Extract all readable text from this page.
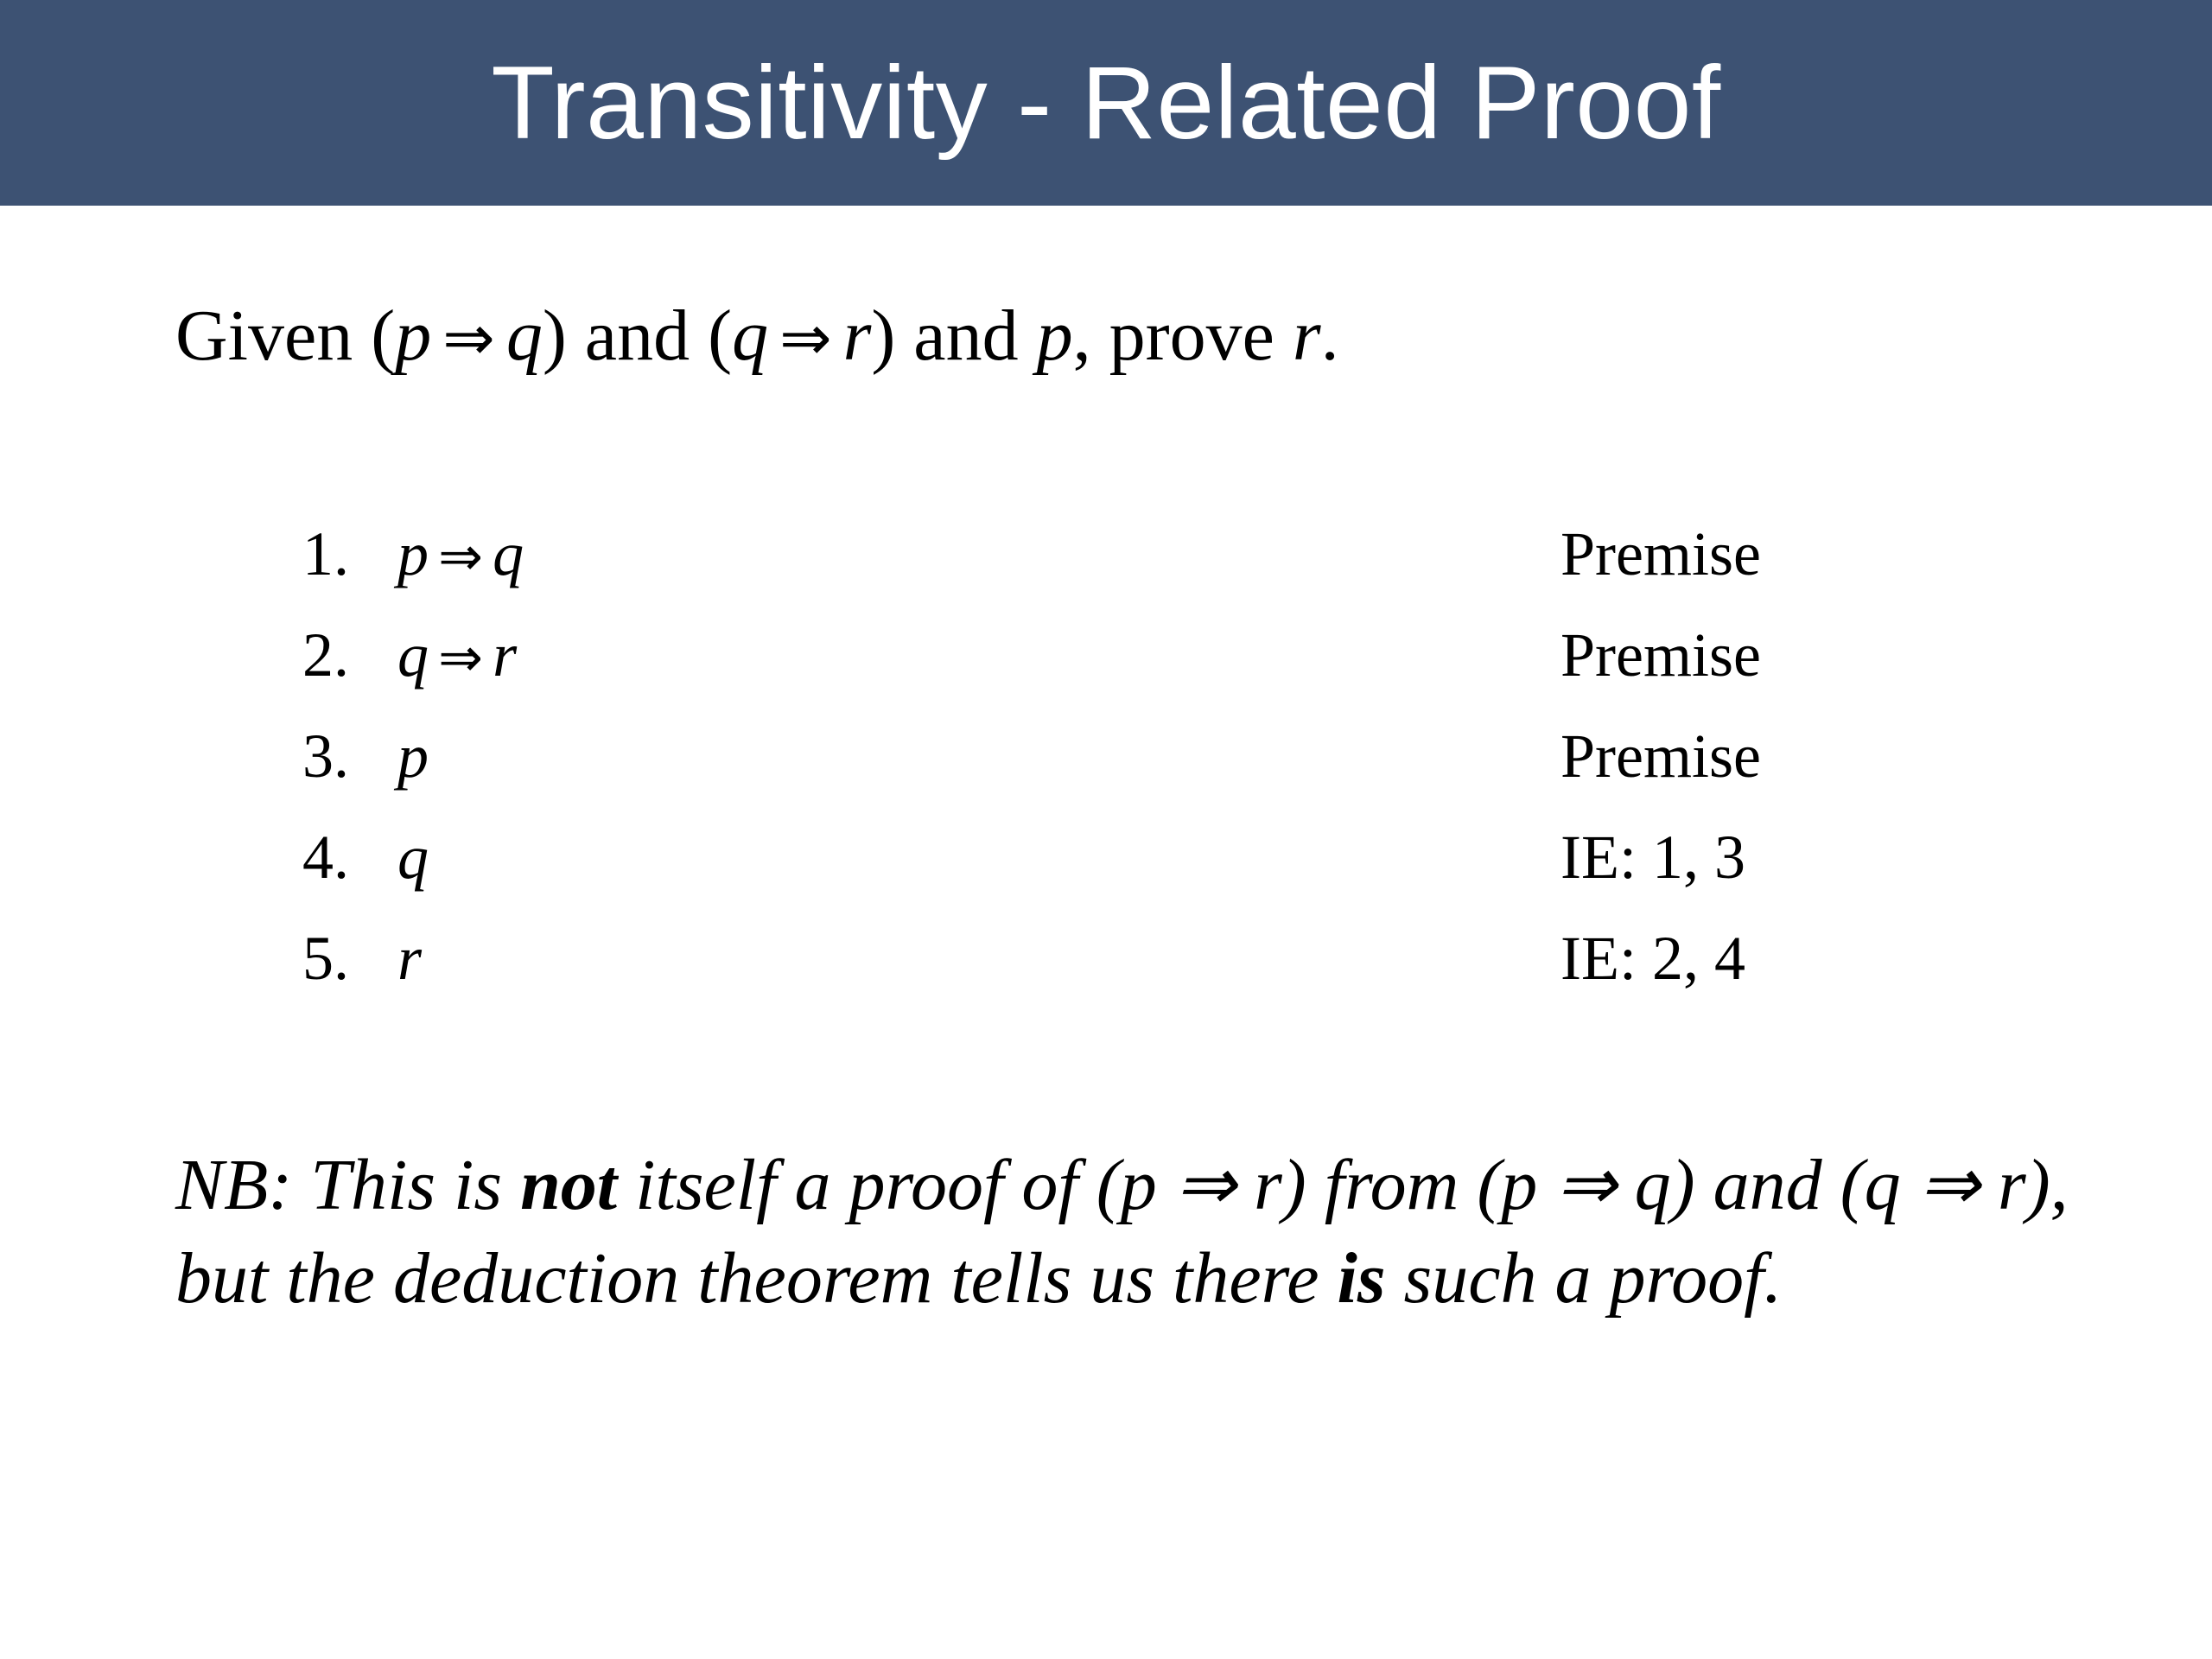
Transitivity - Related Proof
Given (p ⇒ q) and (q ⇒ r) and p, prove r.
1. p ⇒ q	Premise
2. q ⇒ r	Premise
3. p	Premise
4. q	IE: 1, 3
5. r	IE: 2, 4
NB: This is not itself a proof of (p ⇒ r) from (p ⇒ q) and (q ⇒ r), but the deduction theorem tells us there is such a proof.
